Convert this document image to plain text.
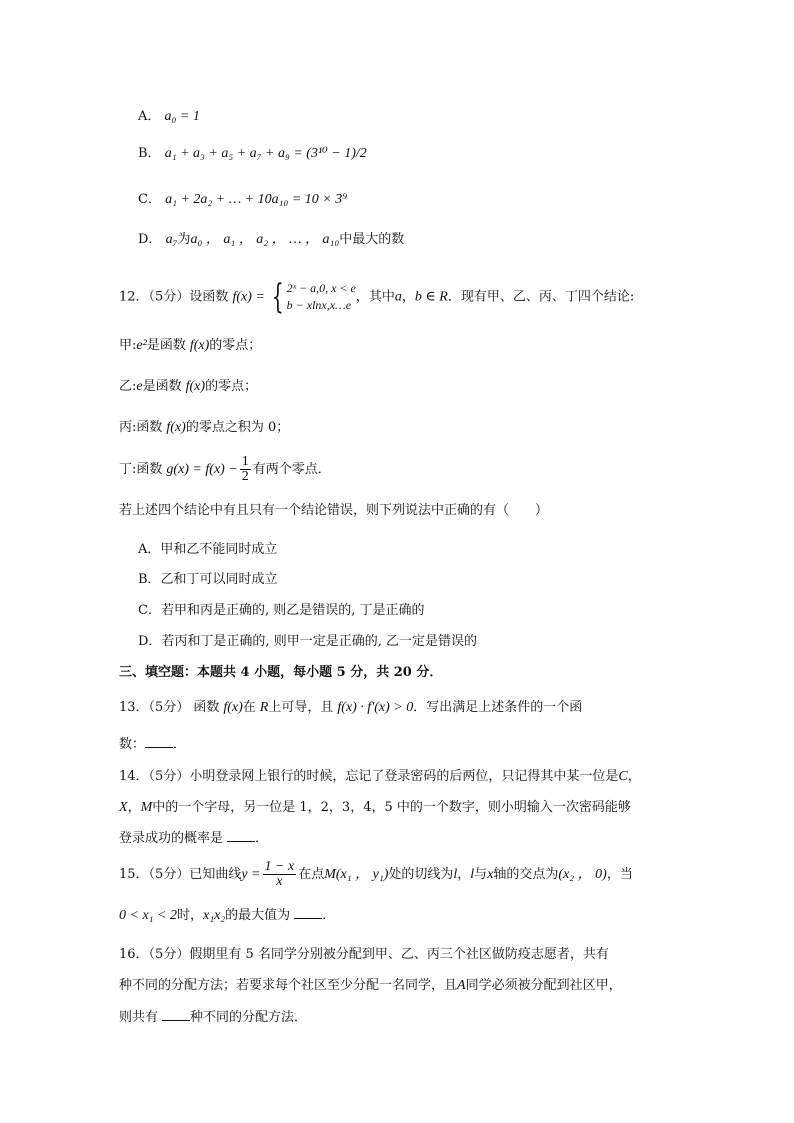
A． a₀ = 1
B． a₁ + a₃ + a₅ + a₇ + a₉ = (3¹⁰ − 1)/2
C． a₁ + 2a₂ + … + 10a₁₀ = 10 × 3⁹
D． a₇为a₀ ， a₁ ， a₂ ， … ， a₁₀中最大的数
12．（5分）设函数 f(x) = { 2ˣ − a,0, x < e
b − xlnx,x…e
，其中a，b ∈ R．现有甲、乙、丙、丁四个结论:
甲:e²是函数 f(x)的零点；
乙:e是函数 f(x)的零点；
丙:函数 f(x)的零点之积为 0；
丁:函数 $g(x) = f(x) - \frac{1}{2}$ 有两个零点．
若上述四个结论中有且只有一个结论错误，则下列说法中正确的有（　　）
A．甲和乙不能同时成立
B．乙和丁可以同时成立
C．若甲和丙是正确的, 则乙是错误的, 丁是正确的
D．若丙和丁是正确的, 则甲一定是正确的, 乙一定是错误的
三、填空题：本题共 4 小题，每小题 5 分，共 20 分．
13．（5分） 函数 f(x)在 R上可导，且 f(x) · f′(x) > 0．写出满足上述条件的一个函
数： ．
14．（5分）小明登录网上银行的时候，忘记了登录密码的后两位，只记得其中某一位是C，
X，M中的一个字母，另一位是 1，2，3，4，5 中的一个数字，则小明输入一次密码能够
登录成功的概率是 ．
15．（5分）已知曲线$y = \frac{1 - x}{x}$ 在点M(x₁ ， y₁)处的切线为l，l与x轴的交点为(x₂ ， 0)，当
0 < x₁ < 2时，x₁x₂的最大值为 ．
16．（5分）假期里有 5 名同学分别被分配到甲、乙、丙三个社区做防疫志愿者，共有
种不同的分配方法；若要求每个社区至少分配一名同学，且A同学必须被分配到社区甲，
则共有 种不同的分配方法．
